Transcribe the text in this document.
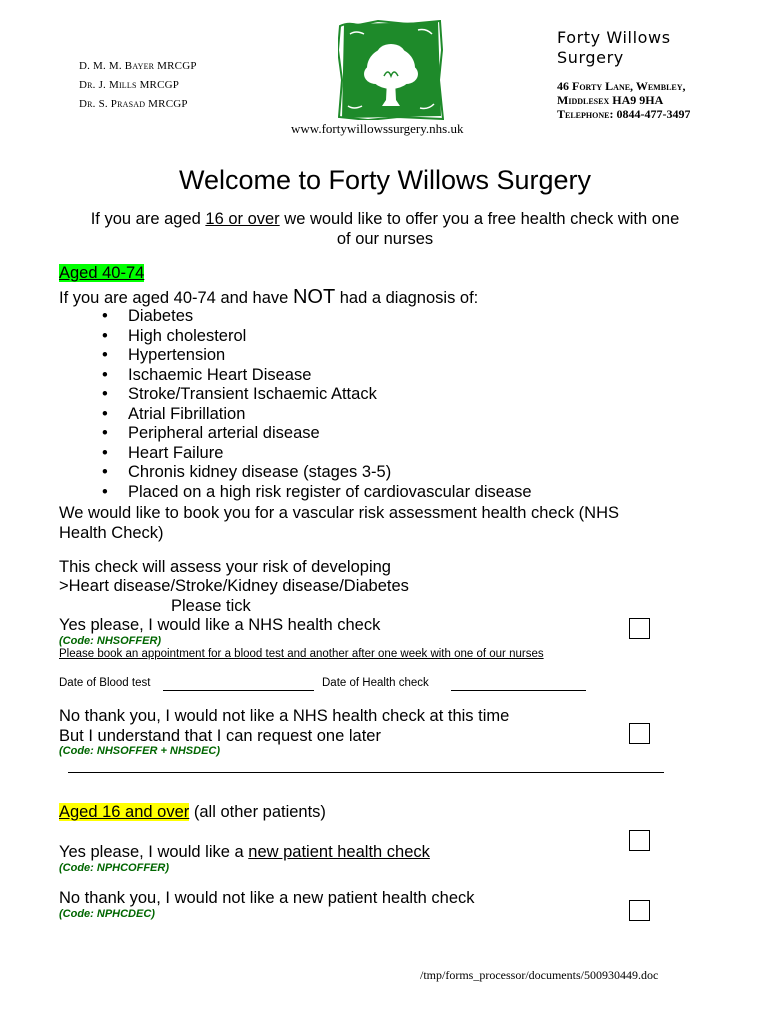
D. M. M. Bayer MRCGP
Dr. J. Mills MRCGP
Dr. S. Prasad MRCGP
www.fortywillowssurgery.nhs.uk
Forty Willows
Surgery
46 Forty Lane, Wembley,
Middlesex HA9 9HA
Telephone: 0844-477-3497
Welcome to Forty Willows Surgery
If you are aged 16 or over we would like to offer you a free health check with one
of our nurses
Aged 40-74
If you are aged 40-74 and have NOT had a diagnosis of:
• Diabetes
• High cholesterol
• Hypertension
• Ischaemic Heart Disease
• Stroke/Transient Ischaemic Attack
• Atrial Fibrillation
• Peripheral arterial disease
• Heart Failure
• Chronis kidney disease (stages 3-5)
• Placed on a high risk register of cardiovascular disease
We would like to book you for a vascular risk assessment health check (NHS
Health Check)
This check will assess your risk of developing
>Heart disease/Stroke/Kidney disease/Diabetes
Please tick
Yes please, I would like a NHS health check
(Code: NHSOFFER)
Please book an appointment for a blood test and another after one week with one of our nurses
Date of Blood test	Date of Health check
No thank you, I would not like a NHS health check at this time
But I understand that I can request one later
(Code: NHSOFFER + NHSDEC)
Aged 16 and over (all other patients)
Yes please, I would like a new patient health check
(Code: NPHCOFFER)
No thank you, I would not like a new patient health check
(Code: NPHCDEC)
/tmp/forms_processor/documents/500930449.doc
